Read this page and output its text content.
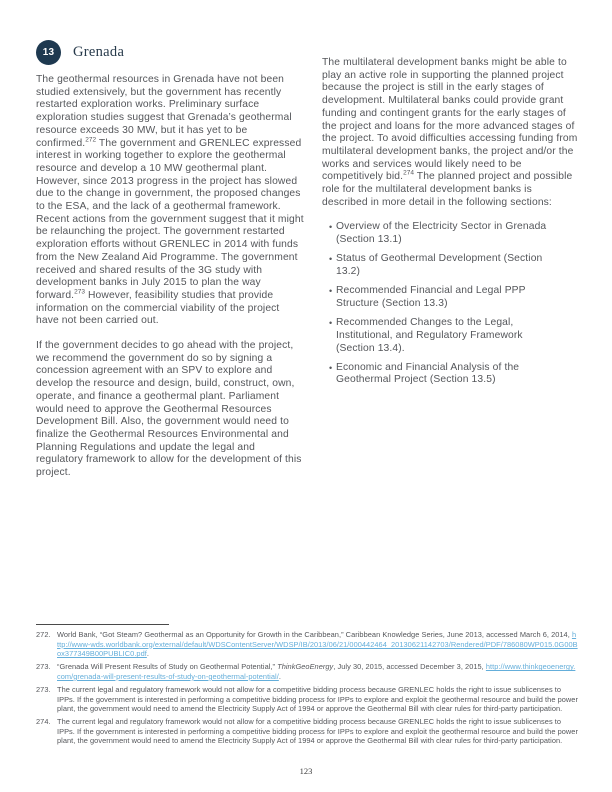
13 Grenada

The geothermal resources in Grenada have not been studied extensively, but the government has recently restarted exploration works. Preliminary surface exploration studies suggest that Grenada’s geothermal resource exceeds 30 MW, but it has yet to be confirmed.$^{272}$ The government and GRENLEC expressed interest in working together to explore the geothermal resource and develop a 10 MW geothermal plant. However, since 2013 progress in the project has slowed due to the change in government, the proposed changes to the ESA, and the lack of a geothermal framework. Recent actions from the government suggest that it might be relaunching the project. The government restarted exploration efforts without GRENLEC in 2014 with funds from the New Zealand Aid Programme. The government received and shared results of the 3G study with development banks in July 2015 to plan the way forward.$^{273}$ However, feasibility studies that provide information on the commercial viability of the project have not been carried out.

If the government decides to go ahead with the project, we recommend the government do so by signing a concession agreement with an SPV to explore and develop the resource and design, build, construct, own, operate, and finance a geothermal plant. Parliament would need to approve the Geothermal Resources Development Bill. Also, the government would need to finalize the Geothermal Resources Environmental and Planning Regulations and update the legal and regulatory framework to allow for the development of this project.

The multilateral development banks might be able to play an active role in supporting the planned project because the project is still in the early stages of development. Multilateral banks could provide grant funding and contingent grants for the early stages of the project and loans for the more advanced stages of the project. To avoid difficulties accessing funding from multilateral development banks, the project and/or the works and services would likely need to be competitively bid.$^{274}$ The planned project and possible role for the multilateral development banks is described in more detail in the following sections:

• Overview of the Electricity Sector in Grenada (Section 13.1)
• Status of Geothermal Development (Section 13.2)
• Recommended Financial and Legal PPP Structure (Section 13.3)
• Recommended Changes to the Legal, Institutional, and Regulatory Framework (Section 13.4).
• Economic and Financial Analysis of the Geothermal Project (Section 13.5)
272. World Bank, “Got Steam? Geothermal as an Opportunity for Growth in the Caribbean,” Caribbean Knowledge Series, June 2013, accessed March 6, 2014, http://www-wds.worldbank.org/external/default/WDSContentServer/WDSP/IB/2013/06/21/000442464_20130621142703/Rendered/PDF/786080WP015.0G00Box377349B00PUBLIC0.pdf.
273. “Grenada Will Present Results of Study on Geothermal Potential,” ThinkGeoEnergy, July 30, 2015, accessed December 3, 2015, http://www.thinkgeoenergy.com/grenada-will-present-results-of-study-on-geothermal-potential/.
273. The current legal and regulatory framework would not allow for a competitive bidding process because GRENLEC holds the right to issue sublicenses to IPPs. If the government is interested in performing a competitive bidding process for IPPs to explore and exploit the geothermal resource and build the power plant, the government would need to amend the Electricity Supply Act of 1994 or approve the Geothermal Bill with clear rules for third-party participation.
274. The current legal and regulatory framework would not allow for a competitive bidding process because GRENLEC holds the right to issue sublicenses to IPPs. If the government is interested in performing a competitive bidding process for IPPs to explore and exploit the geothermal resource and build the power plant, the government would need to amend the Electricity Supply Act of 1994 or approve the Geothermal Bill with clear rules for third-party participation.
123
